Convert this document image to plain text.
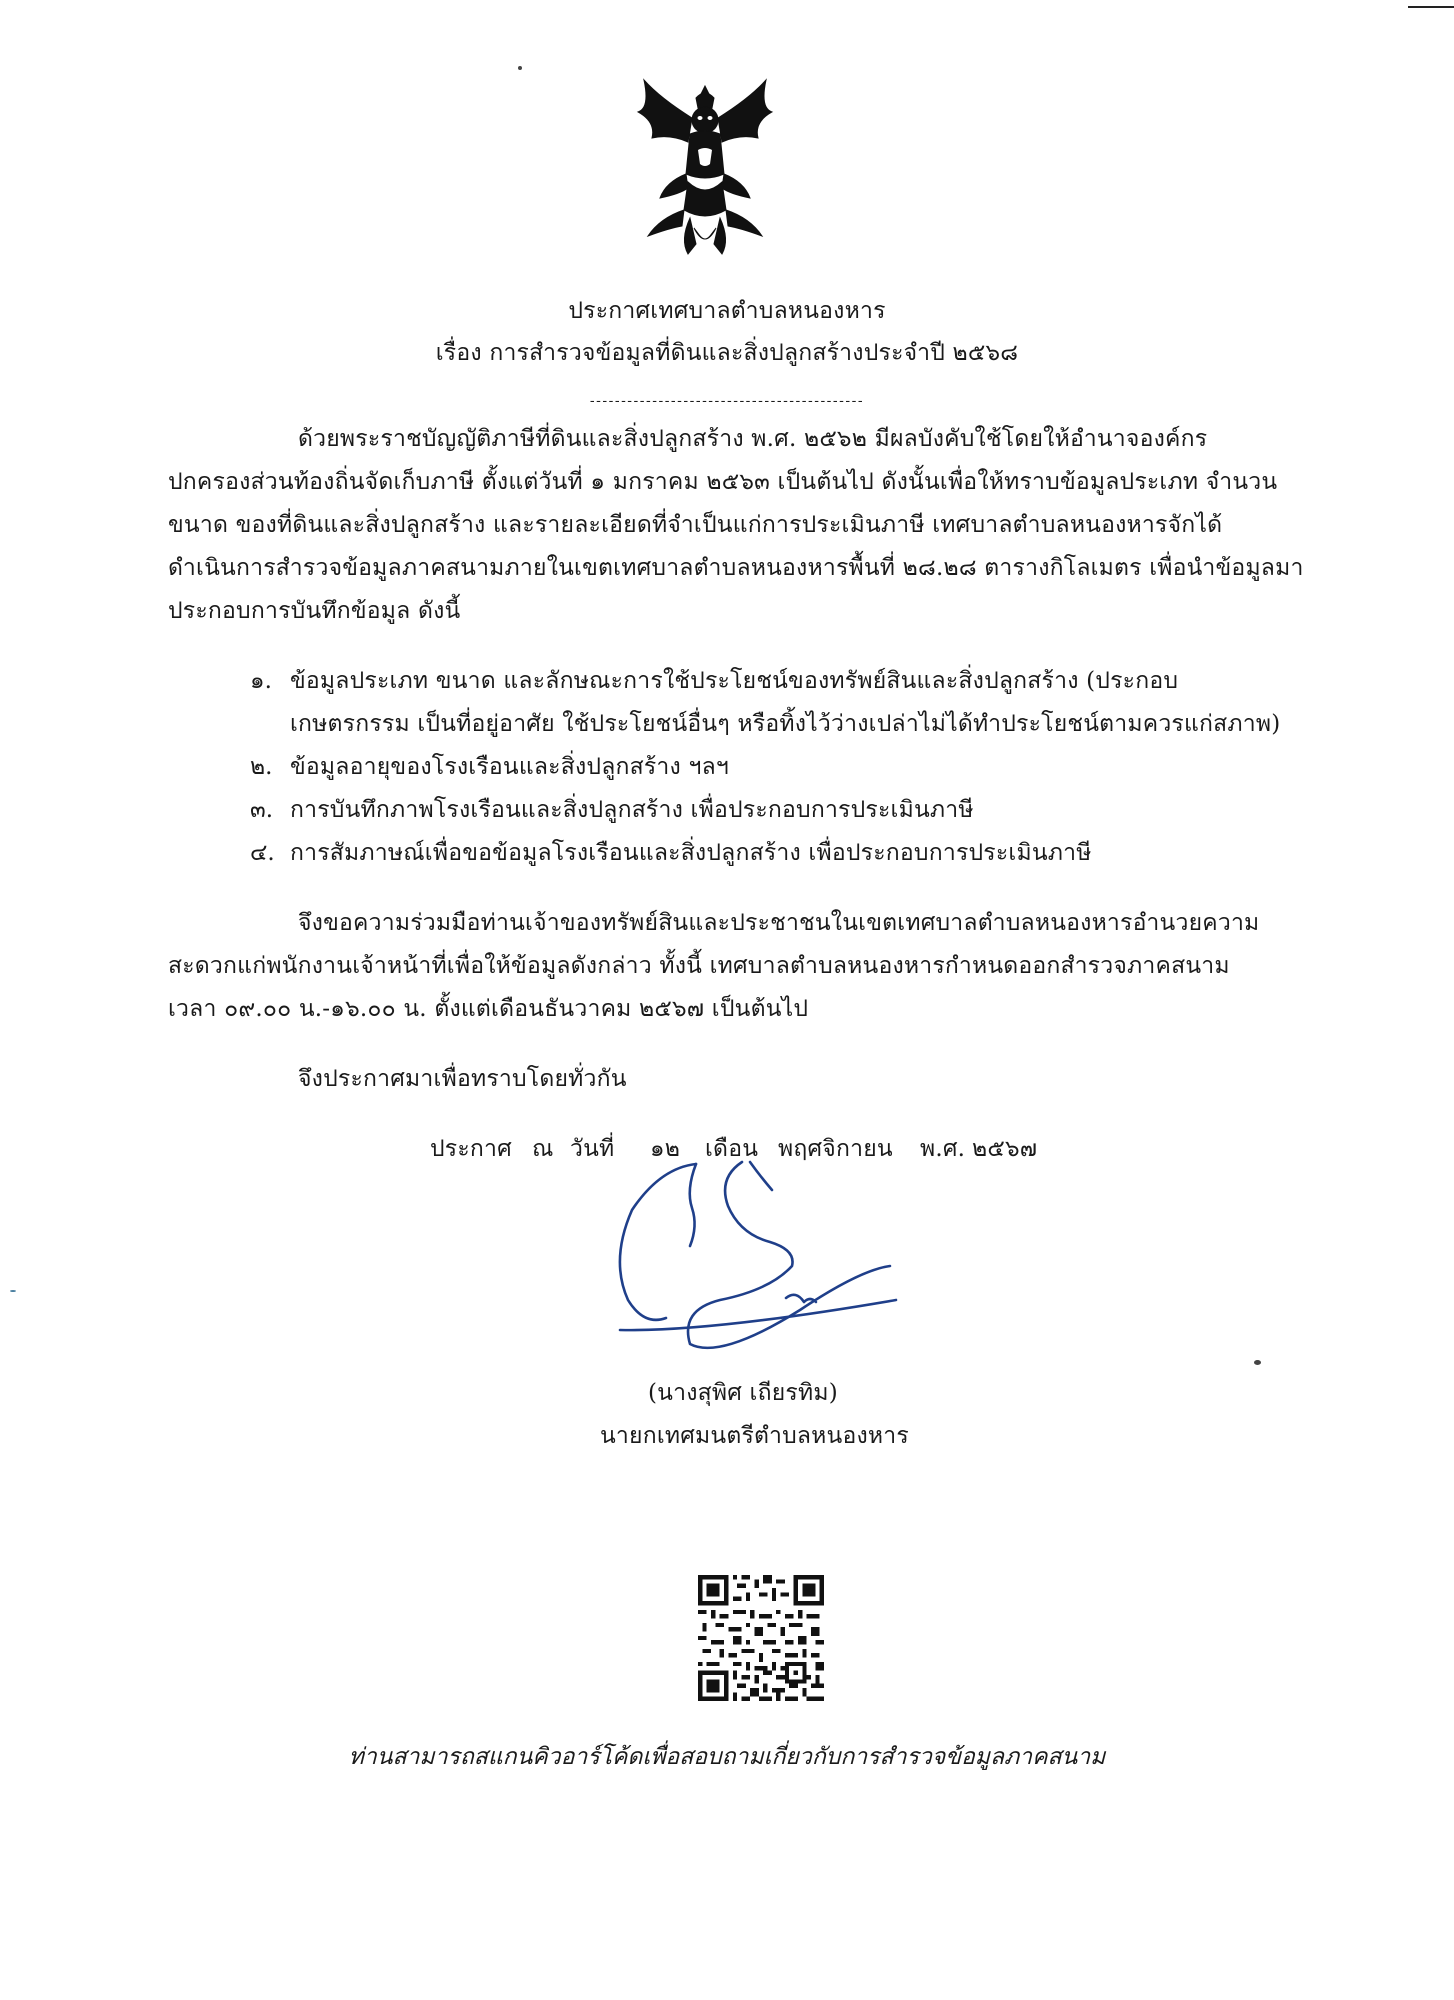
ประกาศเทศบาลตำบลหนองหาร
เรื่อง การสำรวจข้อมูลที่ดินและสิ่งปลูกสร้างประจำปี ๒๕๖๘
--------------------------------------------
ด้วยพระราชบัญญัติภาษีที่ดินและสิ่งปลูกสร้าง พ.ศ. ๒๕๖๒ มีผลบังคับใช้โดยให้อำนาจองค์กร
ปกครองส่วนท้องถิ่นจัดเก็บภาษี ตั้งแต่วันที่ ๑ มกราคม ๒๕๖๓ เป็นต้นไป ดังนั้นเพื่อให้ทราบข้อมูลประเภท จำนวน
ขนาด ของที่ดินและสิ่งปลูกสร้าง และรายละเอียดที่จำเป็นแก่การประเมินภาษี เทศบาลตำบลหนองหารจักได้
ดำเนินการสำรวจข้อมูลภาคสนามภายในเขตเทศบาลตำบลหนองหารพื้นที่ ๒๘.๒๘ ตารางกิโลเมตร เพื่อนำข้อมูลมา
ประกอบการบันทึกข้อมูล ดังนี้
๑. ข้อมูลประเภท ขนาด และลักษณะการใช้ประโยชน์ของทรัพย์สินและสิ่งปลูกสร้าง (ประกอบ
เกษตรกรรม เป็นที่อยู่อาศัย ใช้ประโยชน์อื่นๆ หรือทิ้งไว้ว่างเปล่าไม่ได้ทำประโยชน์ตามควรแก่สภาพ)
๒. ข้อมูลอายุของโรงเรือนและสิ่งปลูกสร้าง ฯลฯ
๓. การบันทึกภาพโรงเรือนและสิ่งปลูกสร้าง เพื่อประกอบการประเมินภาษี
๔. การสัมภาษณ์เพื่อขอข้อมูลโรงเรือนและสิ่งปลูกสร้าง เพื่อประกอบการประเมินภาษี
จึงขอความร่วมมือท่านเจ้าของทรัพย์สินและประชาชนในเขตเทศบาลตำบลหนองหารอำนวยความ
สะดวกแก่พนักงานเจ้าหน้าที่เพื่อให้ข้อมูลดังกล่าว ทั้งนี้ เทศบาลตำบลหนองหารกำหนดออกสำรวจภาคสนาม
เวลา ๐๙.๐๐ น.-๑๖.๐๐ น. ตั้งแต่เดือนธันวาคม ๒๕๖๗ เป็นต้นไป
จึงประกาศมาเพื่อทราบโดยทั่วกัน
ประกาศ ณ วันที่ ๑๒ เดือน พฤศจิกายน พ.ศ. ๒๕๖๗
(นางสุพิศ เถียรทิม)
นายกเทศมนตรีตำบลหนองหาร
ท่านสามารถสแกนคิวอาร์โค้ดเพื่อสอบถามเกี่ยวกับการสำรวจข้อมูลภาคสนาม
